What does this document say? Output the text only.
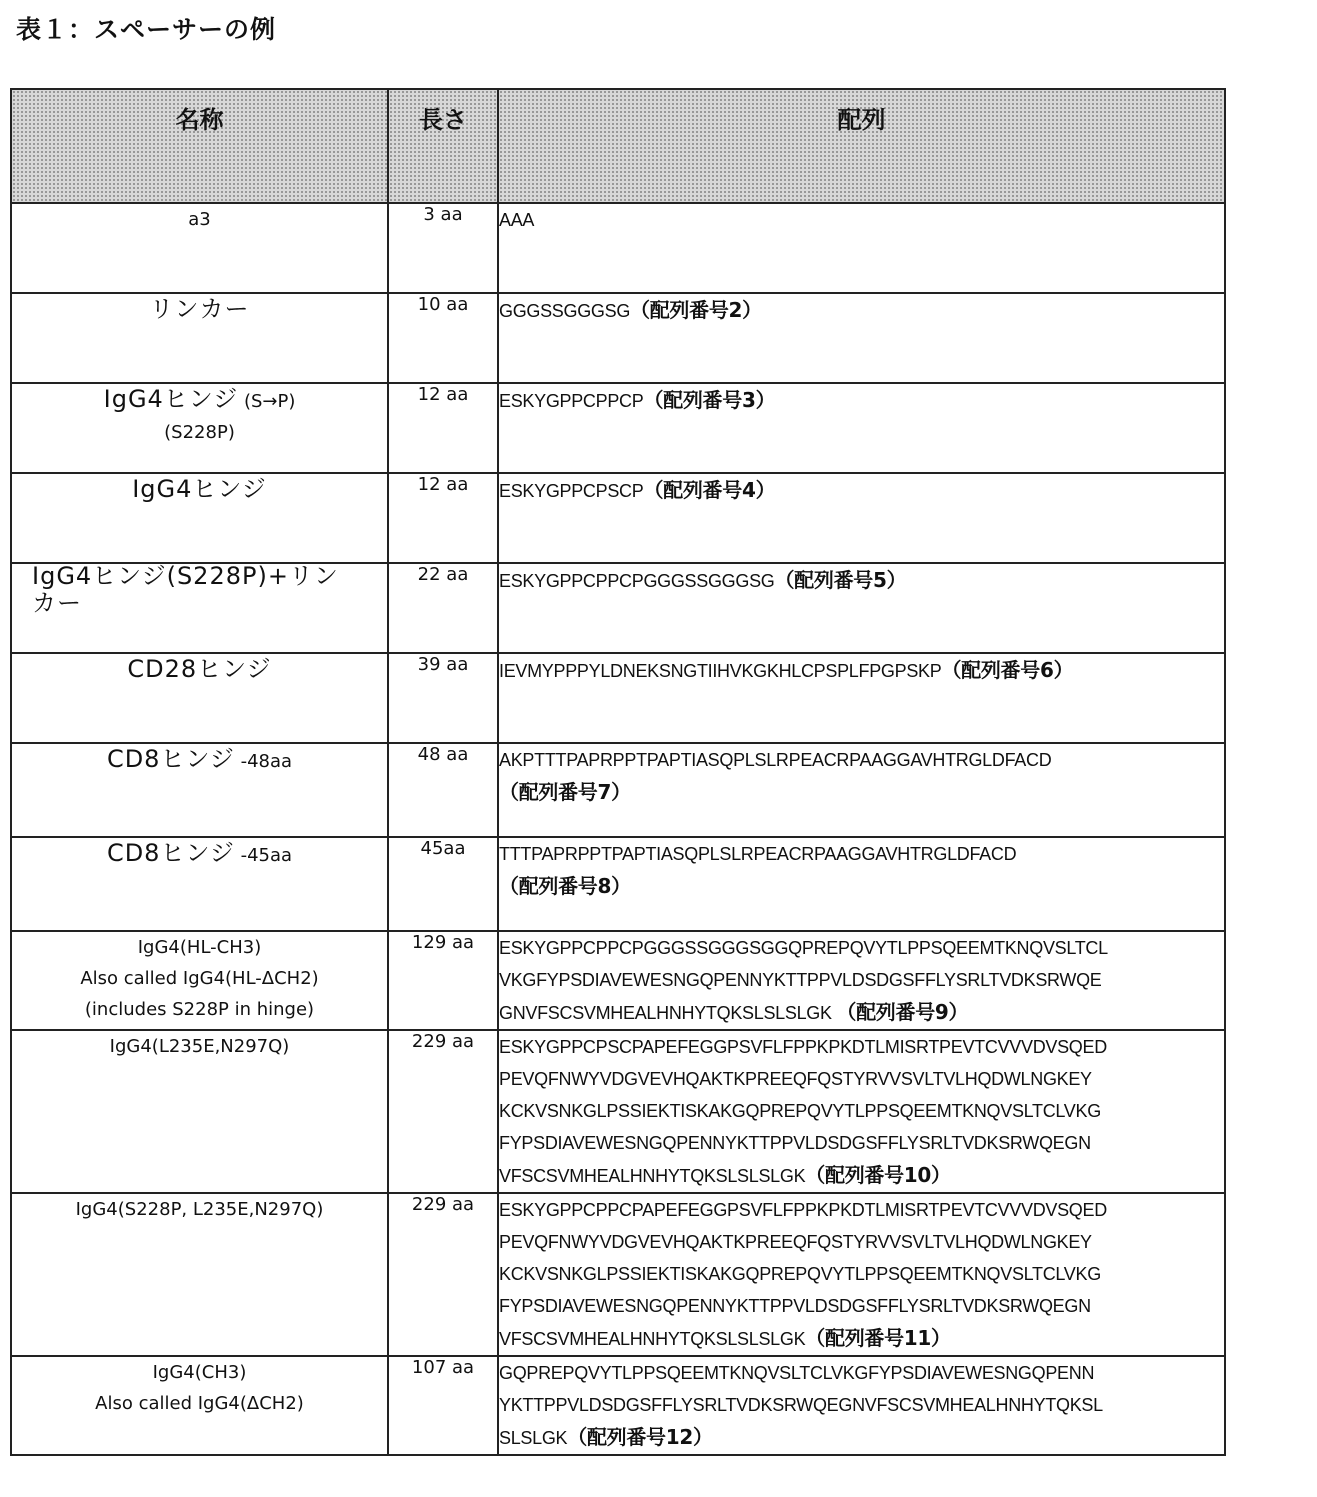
表１：スペーサーの例
名称	長さ	配列
a3	3 aa	AAA
リンカー	10 aa	GGGSSGGGSG（配列番号2）
IgG4ヒンジ (S→P)
(S228P)	12 aa	ESKYGPPCPPCP（配列番号3）
IgG4ヒンジ	12 aa	ESKYGPPCPSCP（配列番号4）
IgG4ヒンジ(S228P)+リン
カー	22 aa	ESKYGPPCPPCPGGGSSGGGSG（配列番号5）
CD28ヒンジ	39 aa	IEVMYPPPYLDNEKSNGTIIHVKGKHLCPSPLFPGPSKP（配列番号6）
CD8ヒンジ -48aa	48 aa	AKPTTTPAPRPPTPAPTIASQPLSLRPEACRPAAGGAVHTRGLDFACD
（配列番号7）
CD8ヒンジ -45aa	45aa	TTTPAPRPPTPAPTIASQPLSLRPEACRPAAGGAVHTRGLDFACD
（配列番号8）
IgG4(HL-CH3)
Also called IgG4(HL-ΔCH2)
(includes S228P in hinge)	129 aa	ESKYGPPCPPCPGGGSSGGGSGGQPREPQVYTLPPSQEEMTKNQVSLTCL
VKGFYPSDIAVEWESNGQPENNYKTTPPVLDSDGSFFLYSRLTVDKSRWQE
GNVFSCSVMHEALHNHYTQKSLSLSLGK （配列番号9）
IgG4(L235E,N297Q)	229 aa	ESKYGPPCPSCPAPEFEGGPSVFLFPPKPKDTLMISRTPEVTCVVVDVSQED
PEVQFNWYVDGVEVHQAKTKPREEQFQSTYRVVSVLTVLHQDWLNGKEY
KCKVSNKGLPSSIEKTISKAKGQPREPQVYTLPPSQEEMTKNQVSLTCLVKG
FYPSDIAVEWESNGQPENNYKTTPPVLDSDGSFFLYSRLTVDKSRWQEGN
VFSCSVMHEALHNHYTQKSLSLSLGK（配列番号10）
IgG4(S228P, L235E,N297Q)	229 aa	ESKYGPPCPPCPAPEFEGGPSVFLFPPKPKDTLMISRTPEVTCVVVDVSQED
PEVQFNWYVDGVEVHQAKTKPREEQFQSTYRVVSVLTVLHQDWLNGKEY
KCKVSNKGLPSSIEKTISKAKGQPREPQVYTLPPSQEEMTKNQVSLTCLVKG
FYPSDIAVEWESNGQPENNYKTTPPVLDSDGSFFLYSRLTVDKSRWQEGN
VFSCSVMHEALHNHYTQKSLSLSLGK（配列番号11）
IgG4(CH3)
Also called IgG4(ΔCH2)	107 aa	GQPREPQVYTLPPSQEEMTKNQVSLTCLVKGFYPSDIAVEWESNGQPENN
YKTTPPVLDSDGSFFLYSRLTVDKSRWQEGNVFSCSVMHEALHNHYTQKSL
SLSLGK（配列番号12）
